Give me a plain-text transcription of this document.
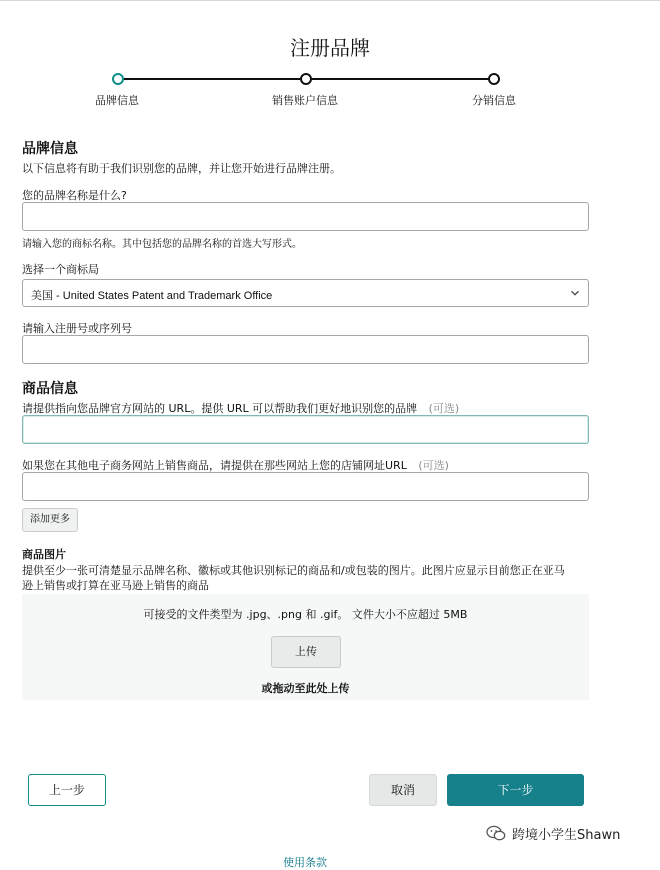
注册品牌
品牌信息	销售账户信息	分销信息
品牌信息
以下信息将有助于我们识别您的品牌，并让您开始进行品牌注册。
您的品牌名称是什么?
请输入您的商标名称。其中包括您的品牌名称的首选大写形式。
选择一个商标局
美国 - United States Patent and Trademark Office
请输入注册号或序列号
商品信息
请提供指向您品牌官方网站的 URL。提供 URL 可以帮助我们更好地识别您的品牌 (可选)
如果您在其他电子商务网站上销售商品，请提供在那些网站上您的店铺网址URL (可选)
添加更多
商品图片
提供至少一张可清楚显示品牌名称、徽标或其他识别标记的商品和/或包装的图片。此图片应显示目前您正在亚马
逊上销售或打算在亚马逊上销售的商品
可接受的文件类型为 .jpg、.png 和 .gif。 文件大小不应超过 5MB
上传
或拖动至此处上传
上一步	取消	下一步
跨境小学生Shawn
使用条款
